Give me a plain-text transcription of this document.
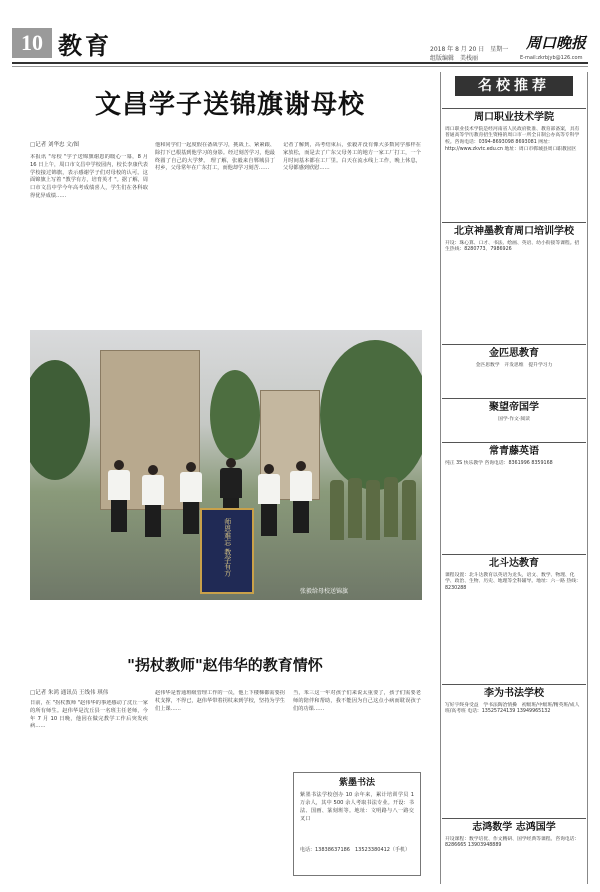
10 教育	2018 年 8 月 20 日　星期一
组版编辑　美栈丽
周口晚报
E-mail:zkrbjyb@126.com
文昌学子送锦旗谢母校
□记者 刘华忠 文/图
本报讯 "母校 "学子送锦旗谢恩的暖心一幕，8 月 16 日上午，周口市文昌中学校园内，校长李康代表学校接过锦旗，表示感谢学子们对母校的认可。这面锦旗上写着 "教学有方，培育英才 "。据了解，周口市文昌中学今年高考成绩喜人，学生们在各科取得优异成绩……
他和同学们一起度假在备战学习，挑战上、紧紧跟、除打下已根基到他学习的身影。经过刻苦学习，他最终圆了自己的大学梦。 理了解，张毅来自郸城县丁村乡，父母常年在广东打工，而他却学习刻苦……
记者了解到，高考结束后，张毅并没有像大多数同学那样在家放松，而是去了广东父母务工的地方一家工厂打工，一个月时间基本都在工厂里。白天在流水线上工作，晚上休息，父母都感到欣慰……
师恩难忘 教学有方
张毅给母校送锦旗
"拐杖教师"赵伟华的教育情怀
□记者 朱鸿 通讯员 王线伟 琪伟
日前，在 "拐杖教师 "赵伟华的事迹感动了沈丘一家的所有师生。赵伟华是沈丘县一名班主任老师，今年 7 月 10 日晚，他因在做完教学工作后突发疾病……
赵伟华是普通班级管理工作的一员，他上下楼梯都需要拐杖支撑，不得已，赵伟华带着拐杖来到学校，坚持为学生们上课……
当，苯三这一年对孩子们来说太重要了，孩子们需要老师的陪伴和帮助，我不能因为自己这点小病而耽误孩子们的功课……
紫墨书法
紫墨书法学校创办 10 余年来，累计培训学员 1 万余人，其中 500 余人考取书法专业。开设：书法、国画、篆刻班等。地址：文明路与八一路交叉口
电话：13838637186　13523380412（手机）
名校推荐
周口职业技术学院
周口职业技术学院是经河南省人民政府批准、教育部备案，具有普通高等学历教育招生资格的周口市一所全日制公办高等专科学校。咨询电话：0394-8693098 8693081 网址：http://www.zkvtc.edu.cn 地址：周口市郸城县周口职教园区
北京神墨教育周口培训学校
开设：珠心算、口才、书法、绘画、英语、幼小衔接等课程。招生热线：8280773、7986926
金匹思教育
金匹思数学　开发思维　提升学习力
聚望帝国学
国学·作文·阅读
常青藤英语
纯正 3S 快乐教学 咨询电话：8361996 8359168
北斗达教育
课程设置：北斗达教育以英语为龙头，语文、数学、物理、化学、政治、生物、历史、地理等全科辅导。地址：六一路 热线：8230288
李为书法学校
写好字终身受益　学书法陶冶情操　初级班/中级班/精英班/成人班/高考班 电话：13525724139 13949965132
志鸿数学 志鸿国学
开设课程：数学培优、作文精研、国学经典等课程。咨询电话：8286665 13903948889
